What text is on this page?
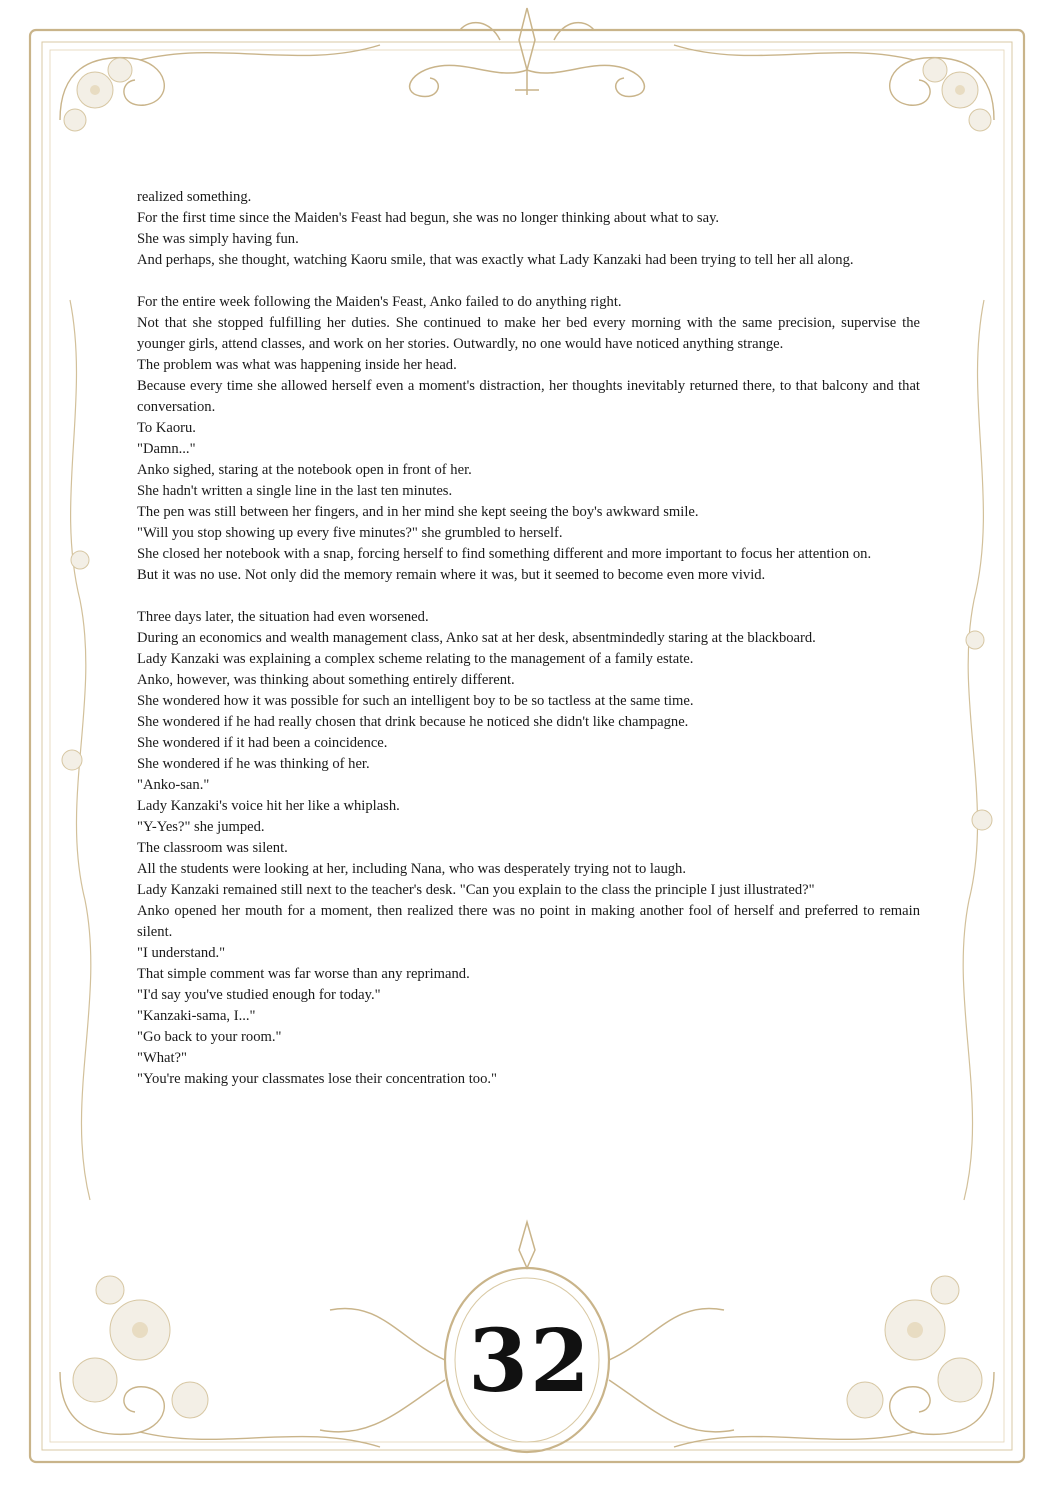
realized something.

For the first time since the Maiden's Feast had begun, she was no longer thinking about what to say.

She was simply having fun.

And perhaps, she thought, watching Kaoru smile, that was exactly what Lady Kanzaki had been trying to tell her all along.

For the entire week following the Maiden's Feast, Anko failed to do anything right.

Not that she stopped fulfilling her duties. She continued to make her bed every morning with the same precision, supervise the younger girls, attend classes, and work on her stories. Outwardly, no one would have noticed anything strange.

The problem was what was happening inside her head.

Because every time she allowed herself even a moment's distraction, her thoughts inevitably returned there, to that balcony and that conversation.

To Kaoru.

"Damn..."

Anko sighed, staring at the notebook open in front of her.

She hadn't written a single line in the last ten minutes.

The pen was still between her fingers, and in her mind she kept seeing the boy's awkward smile.

"Will you stop showing up every five minutes?" she grumbled to herself.

She closed her notebook with a snap, forcing herself to find something different and more important to focus her attention on.

But it was no use. Not only did the memory remain where it was, but it seemed to become even more vivid.

Three days later, the situation had even worsened.

During an economics and wealth management class, Anko sat at her desk, absentmindedly staring at the blackboard.

Lady Kanzaki was explaining a complex scheme relating to the management of a family estate.

Anko, however, was thinking about something entirely different.

She wondered how it was possible for such an intelligent boy to be so tactless at the same time.

She wondered if he had really chosen that drink because he noticed she didn't like champagne.

She wondered if it had been a coincidence.

She wondered if he was thinking of her.

"Anko-san."

Lady Kanzaki's voice hit her like a whiplash.

"Y-Yes?" she jumped.

The classroom was silent.

All the students were looking at her, including Nana, who was desperately trying not to laugh.

Lady Kanzaki remained still next to the teacher's desk. "Can you explain to the class the principle I just illustrated?"

Anko opened her mouth for a moment, then realized there was no point in making another fool of herself and preferred to remain silent.

"I understand."

That simple comment was far worse than any reprimand.

"I'd say you've studied enough for today."

"Kanzaki-sama, I..."

"Go back to your room."

"What?"

"You're making your classmates lose their concentration too."

32
